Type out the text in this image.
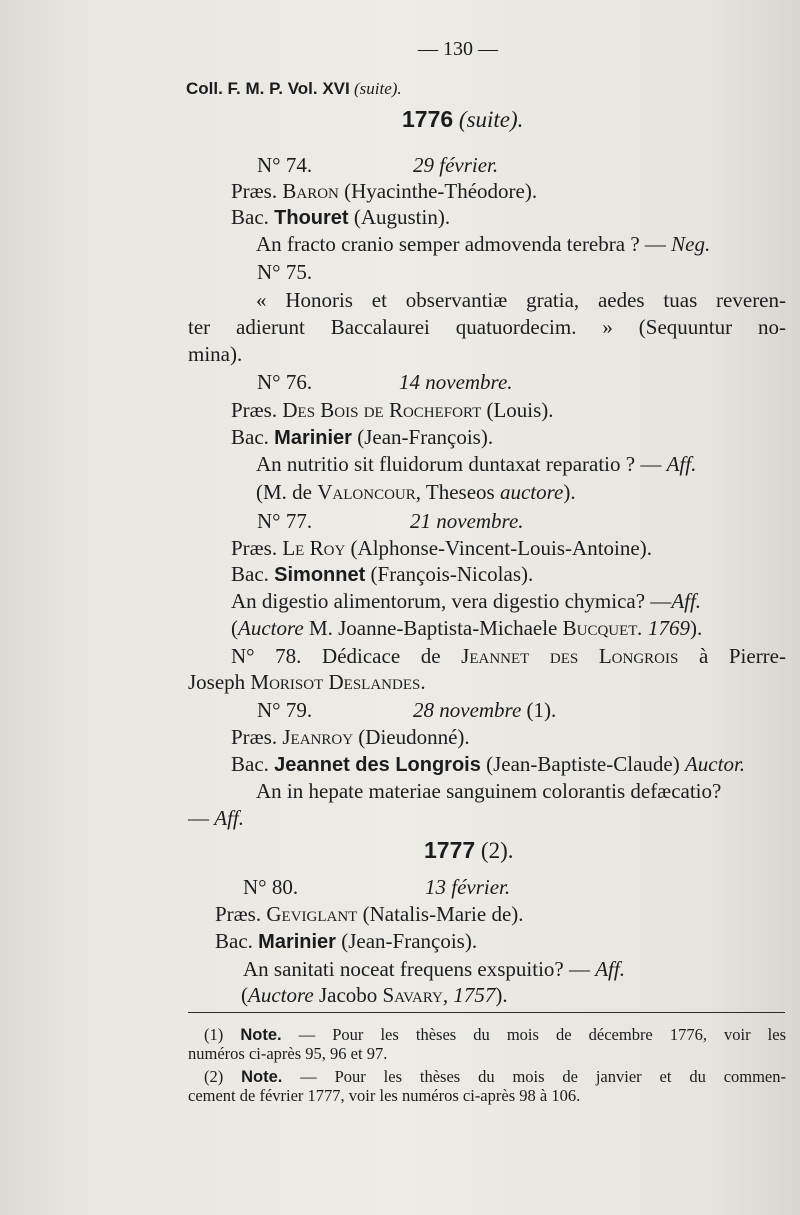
— 130 —
Coll. F. M. P. Vol. XVI (suite).
1776 (suite).
N° 74.	29 février.
Præs. Baron (Hyacinthe-Théodore).
Bac. Thouret (Augustin).
An fracto cranio semper admovenda terebra ? — Neg.
N° 75.
« Honoris et observantiæ gratia, aedes tuas reveren-
ter adierunt Baccalaurei quatuordecim. » (Sequuntur no-
mina).
N° 76.	14 novembre.
Præs. Des Bois de Rochefort (Louis).
Bac. Marinier (Jean-François).
An nutritio sit fluidorum duntaxat reparatio ? — Aff.
(M. de Valoncour, Theseos auctore).
N° 77.	21 novembre.
Præs. Le Roy (Alphonse-Vincent-Louis-Antoine).
Bac. Simonnet (François-Nicolas).
An digestio alimentorum, vera digestio chymica? —Aff.
(Auctore M. Joanne-Baptista-Michaele Bucquet. 1769).
N° 78. Dédicace de Jeannet des Longrois à Pierre-
Joseph Morisot Deslandes.
N° 79.	28 novembre (1).
Præs. Jeanroy (Dieudonné).
Bac. Jeannet des Longrois (Jean-Baptiste-Claude) Auctor.
An in hepate materiae sanguinem colorantis defæcatio?
— Aff.
1777 (2).
N° 80.	13 février.
Præs. Geviglant (Natalis-Marie de).
Bac. Marinier (Jean-François).
An sanitati noceat frequens exspuitio? — Aff.
(Auctore Jacobo Savary, 1757).
(1) Note. — Pour les thèses du mois de décembre 1776, voir les
numéros ci-après 95, 96 et 97.
(2) Note. — Pour les thèses du mois de janvier et du commen-
cement de février 1777, voir les numéros ci-après 98 à 106.
